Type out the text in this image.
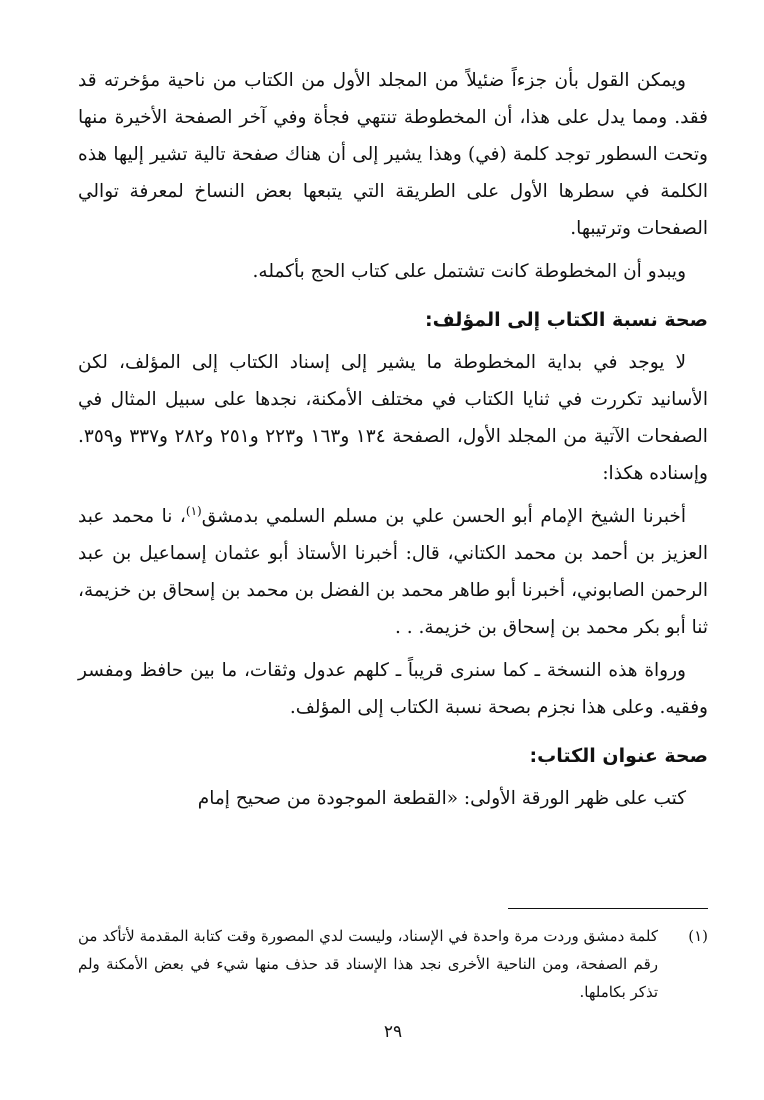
ويمكن القول بأن جزءاً ضئيلاً من المجلد الأول من الكتاب من ناحية مؤخرته قد فقد. ومما يدل على هذا، أن المخطوطة تنتهي فجأة وفي آخر الصفحة الأخيرة منها وتحت السطور توجد كلمة (في) وهذا يشير إلى أن هناك صفحة تالية تشير إليها هذه الكلمة في سطرها الأول على الطريقة التي يتبعها بعض النساخ لمعرفة توالي الصفحات وترتيبها.

ويبدو أن المخطوطة كانت تشتمل على كتاب الحج بأكمله.

صحة نسبة الكتاب إلى المؤلف:

لا يوجد في بداية المخطوطة ما يشير إلى إسناد الكتاب إلى المؤلف، لكن الأسانيد تكررت في ثنايا الكتاب في مختلف الأمكنة، نجدها على سبيل المثال في الصفحات الآتية من المجلد الأول، الصفحة ١٣٤ و١٦٣ و٢٢٣ و٢٥١ و٢٨٢ و٣٣٧ و٣٥٩. وإسناده هكذا:

أخبرنا الشيخ الإمام أبو الحسن علي بن مسلم السلمي بدمشق$^{(١)}$، نا محمد عبد العزيز بن أحمد بن محمد الكتاني، قال: أخبرنا الأستاذ أبو عثمان إسماعيل بن عبد الرحمن الصابوني، أخبرنا أبو طاهر محمد بن الفضل بن محمد بن إسحاق بن خزيمة، ثنا أبو بكر محمد بن إسحاق بن خزيمة. . .

ورواة هذه النسخة ـ كما سنرى قريباً ـ كلهم عدول وثقات، ما بين حافظ ومفسر وفقيه. وعلى هذا نجزم بصحة نسبة الكتاب إلى المؤلف.

صحة عنوان الكتاب:

كتب على ظهر الورقة الأولى: «القطعة الموجودة من صحيح إمام

(١)
كلمة دمشق وردت مرة واحدة في الإسناد، وليست لدي المصورة وقت كتابة المقدمة لأتأكد من رقم الصفحة، ومن الناحية الأخرى نجد هذا الإسناد قد حذف منها شيء في بعض الأمكنة ولم تذكر بكاملها.
٢٩
